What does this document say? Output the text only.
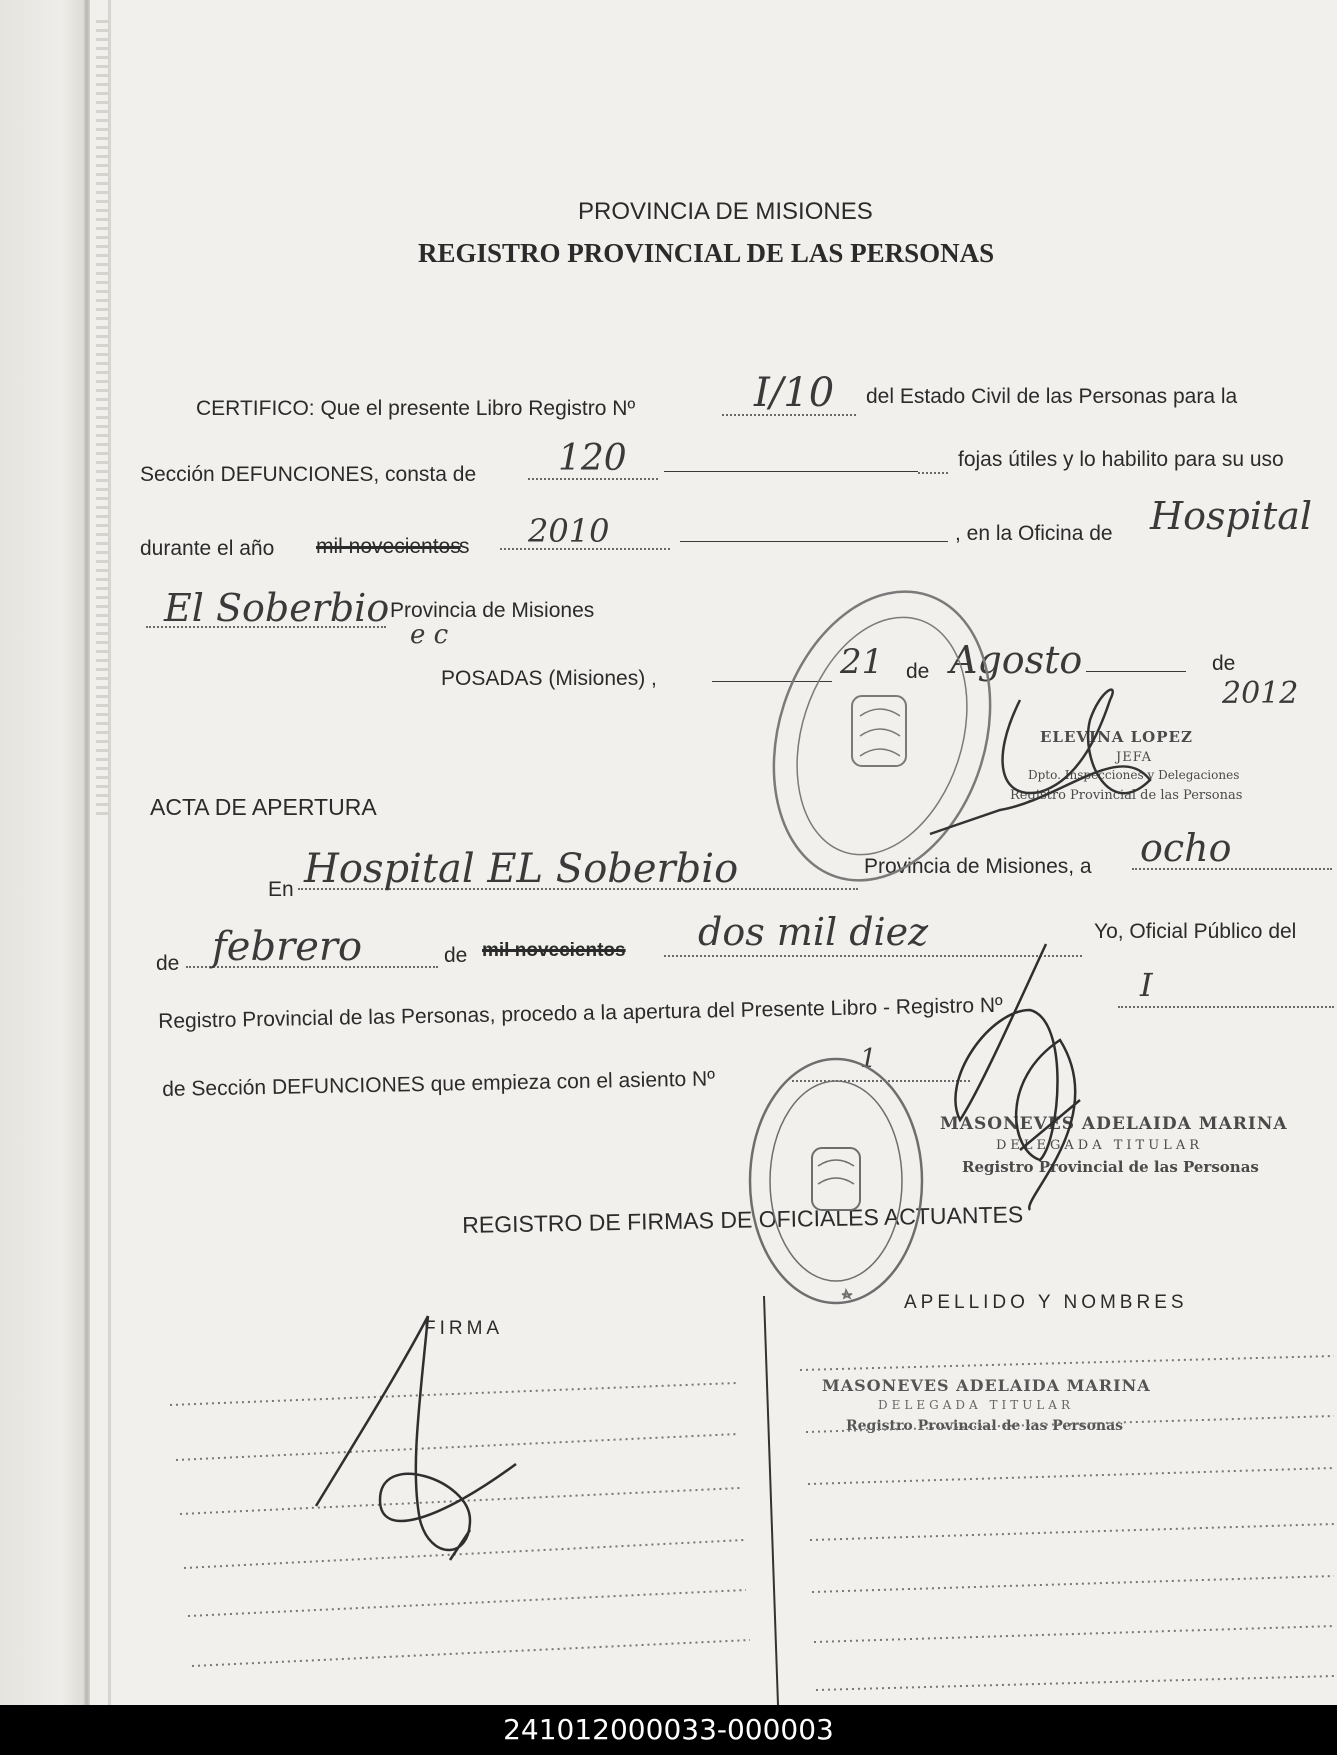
PROVINCIA DE MISIONES
REGISTRO PROVINCIAL DE LAS PERSONAS
CERTIFICO: Que el presente Libro Registro Nº	I/10 del Estado Civil de las Personas para la
Sección DEFUNCIONES, consta de 120	fojas útiles y lo habilito para su uso
durante el año mil novecientos
s 2010	, en la Oficina de Hospital
El Soberbio Provincia de Misiones
e c
POSADAS (Misiones) ,	21 de Agosto	de
2012
ELEVINA LOPEZ
JEFA
Dpto. Inspecciones y Delegaciones
Registro Provincial de las Personas
ACTA DE APERTURA
En Hospital EL Soberbio	Provincia de Misiones, a ocho
de febrero	de mil novecientos dos mil diez	Yo, Oficial Público del
Registro Provincial de las Personas, procedo a la apertura del Presente Libro - Registro Nº
I
de Sección DEFUNCIONES que empieza con el asiento Nº
1
MASONEVES ADELAIDA MARINA
DELEGADA TITULAR
Registro Provincial de las Personas
REGISTRO DE FIRMAS DE OFICIALES ACTUANTES
FIRMA
APELLIDO Y NOMBRES
MASONEVES ADELAIDA MARINA
DELEGADA TITULAR
Registro Provincial de las Personas
241012000033-000003
